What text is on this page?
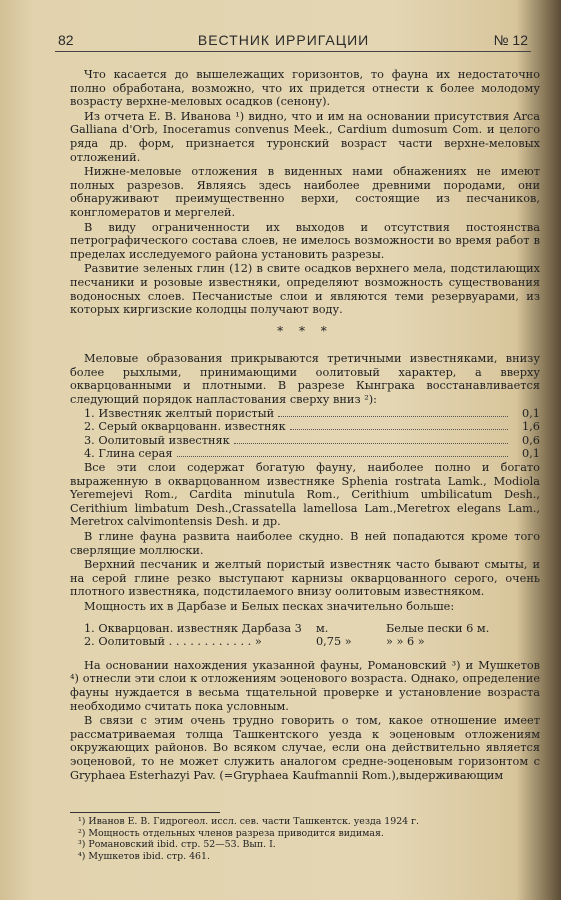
82	ВЕСТНИК ИРРИГАЦИИ	№ 12

Что касается до вышележащих горизонтов, то фауна их недостаточно полно обработана, возможно, что их придется отнести к более молодому возрасту верхне-меловых осадков (сенону).

Из отчета Е. В. Иванова ¹) видно, что и им на основании присутствия Arca Galliana d'Orb, Inoceramus convenus Meek., Cardium dumosum Com. и целого ряда др. форм, признается туронский возраст части верхне-меловых отложений.

Нижне-меловые отложения в виденных нами обнажениях не имеют полных разрезов. Являясь здесь наиболее древними породами, они обнаруживают преимущественно верхи, состоящие из песчаников, конгломератов и мергелей.

В виду ограниченности их выходов и отсутствия постоянства петрографического состава слоев, не имелось возможности во время работ в пределах исследуемого района установить разрезы.

Развитие зеленых глин (12) в свите осадков верхнего мела, подстилающих песчаники и розовые известняки, определяют возможность существования водоносных слоев. Песчанистые слои и являются теми резервуарами, из которых киргизские колодцы получают воду.

* * *

Меловые образования прикрываются третичными известняками, внизу более рыхлыми, принимающими оолитовый характер, а вверху окварцованными и плотными. В разрезе Кынграка восстанавливается следующий порядок напластования сверху вниз ²):

1. Известняк желтый пористый	0,1
2. Серый окварцованн. известняк	1,6
3. Оолитовый известняк	0,6
4. Глина серая	0,1

Все эти слои содержат богатую фауну, наиболее полно и богато выраженную в окварцованном известняке Sphenia rostrata Lamk., Modiola Yeremejevi Rom., Cardita minutula Rom., Cerithium umbilicatum Desh., Cerithium limbatum Desh.,Crassatella lamellosa Lam.,Meretrox elegans Lam., Meretrox calvimontensis Desh. и др.

В глине фауна развита наиболее скудно. В ней попадаются кроме того сверлящие моллюски.

Верхний песчаник и желтый пористый известняк часто бывают смыты, и на серой глине резко выступают карнизы окварцованного серого, очень плотного известняка, подстилаемого внизу оолитовым известняком.

Мощность их в Дарбазе и Белых песках значительно больше:

1. Окварцован. известняк Дарбаза 3	м.	Белые пески 6 м.
2. Оолитовый . . . . . . . . . . . . »	0,75 »	» » 6 »

На основании нахождения указанной фауны, Романовский ³) и Мушкетов ⁴) отнесли эти слои к отложениям эоценового возраста. Однако, определение фауны нуждается в весьма тщательной проверке и установление возраста необходимо считать пока условным.

В связи с этим очень трудно говорить о том, какое отношение имеет рассматриваемая толща Ташкентского уезда к эоценовым отложениям окружающих районов. Во всяком случае, если она действительно является эоценовой, то не может служить аналогом средне-эоценовым горизонтом с Gryphaea Esterhazyi Pav. (=Gryphaea Kaufmannii Rom.),выдерживающим

¹) Иванов Е. В. Гидрогеол. иссл. сев. части Ташкентск. уезда 1924 г.
²) Мощность отдельных членов разреза приводится видимая.
³) Романовский ibid. стр. 52—53. Вып. I.
⁴) Мушкетов ibid. стр. 461.
